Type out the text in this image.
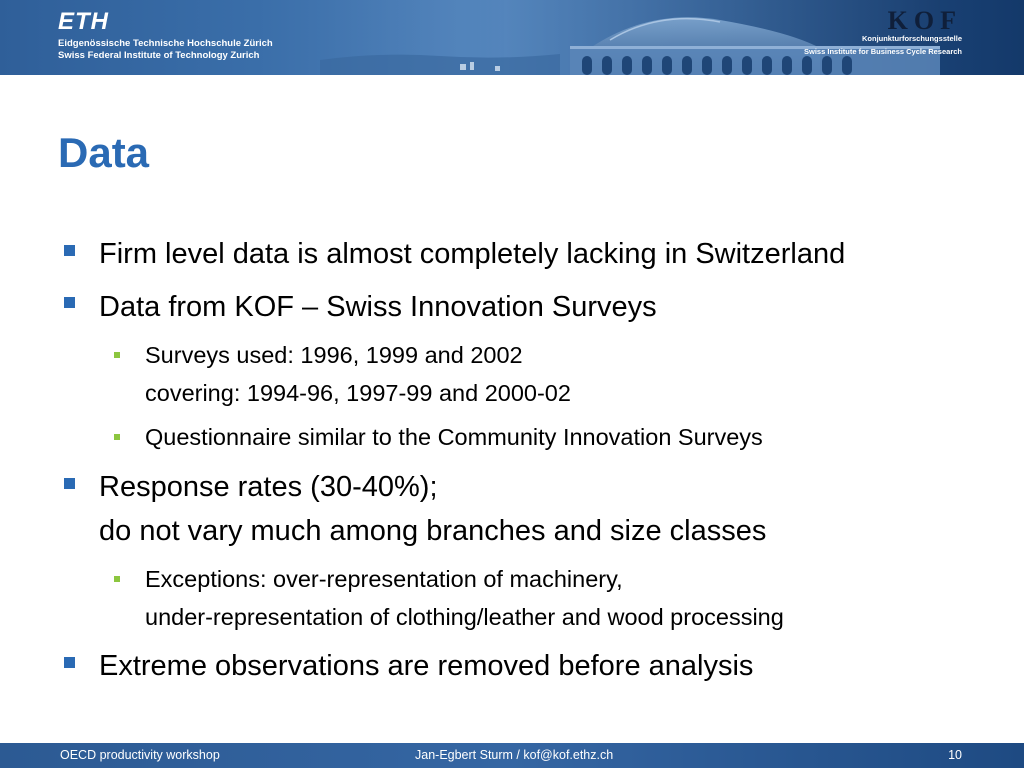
ETH
Eidgenössische Technische Hochschule Zürich
Swiss Federal Institute of Technology Zurich
KOF
Konjunkturforschungsstelle
Swiss Institute for Business Cycle Research
Data
Firm level data is almost completely lacking in Switzerland
Data from KOF – Swiss Innovation Surveys
Surveys used: 1996, 1999 and 2002
covering: 1994-96, 1997-99 and 2000-02
Questionnaire similar to the Community Innovation Surveys
Response rates (30-40%);
do not vary much among branches and size classes
Exceptions: over-representation of machinery,
under-representation of clothing/leather and wood processing
Extreme observations are removed before analysis
OECD productivity workshop	Jan-Egbert Sturm / kof@kof.ethz.ch	10
